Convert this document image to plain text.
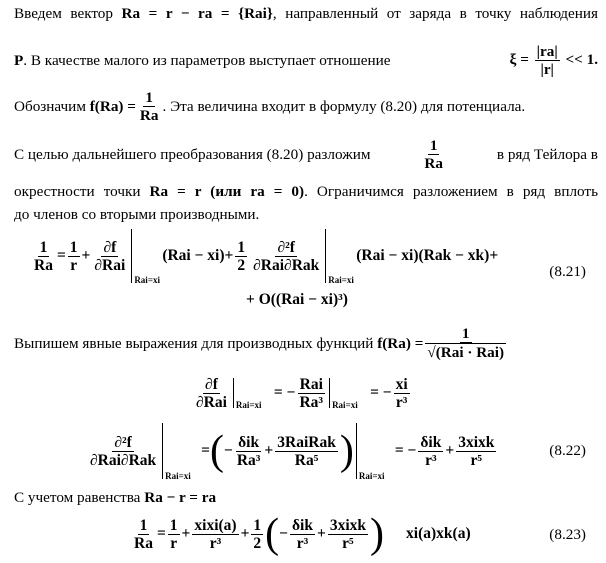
Введем вектор Ra = r − ra = {Rai}, направленный от заряда в точку наблюдения
P. В качестве малого из параметров выступает отношение	$\xi = \frac{|ra|}{|r|} << 1$.
Обозначим
$f(Ra) = \frac{1}{Ra}$ . Эта величина входит в формулу (8.20) для потенциала.
С целью дальнейшего преобразования (8.20) разложим	$\frac{1}{Ra}$	в ряд Тейлора в
окрестности точки Ra = r (или ra = 0). Ограничимся разложением в ряд вплоть
до членов со вторыми производными.
$\frac{1}{Ra} = \frac{1}{r} + \frac{\partial f}{\text{∂Rai}}$
Rai=xi
$(Rai - xi) + \frac{1}{2} \frac{\text{∂²f}}{\text{∂Rai∂Rak}}$
Rai=xi
(Rai − xi)(Rak − xk)+
(8.21)
+ O((Rai − xi)³)
Выпишем явные выражения для производных функций
$f(Ra) = \frac{1}{\text{√(Rai · Rai)}}$
$\frac{\partial f}{\text{∂Rai}} Rai=xi$
= − $\frac{\text{Rai}}{\text{Ra³}} Rai=xi$
= − $\frac{xi}{\text{r³}}$
$\frac{\text{∂²f}}{\text{∂Rai∂Rak}}$
Rai=xi
= ( − $\frac{\text{δik}}{\text{Ra³}} + \frac{\text{3RaiRak}}{\text{Ra⁵}}$ )
Rai=xi
= − $\frac{\text{δik}}{\text{r³}} + \frac{\text{3xixk}}{\text{r⁵}}$	(8.22)
С учетом равенства Ra − r = ra
$\frac{1}{Ra} = \frac{1}{r} + \frac{\text{xixi(a)}}{\text{r³}} + \frac{1}{2}$ ( − $\frac{\text{δik}}{\text{r³}} + \frac{\text{3xixk}}{\text{r⁵}}$ ) xi(a)xk(a)	(8.23)
